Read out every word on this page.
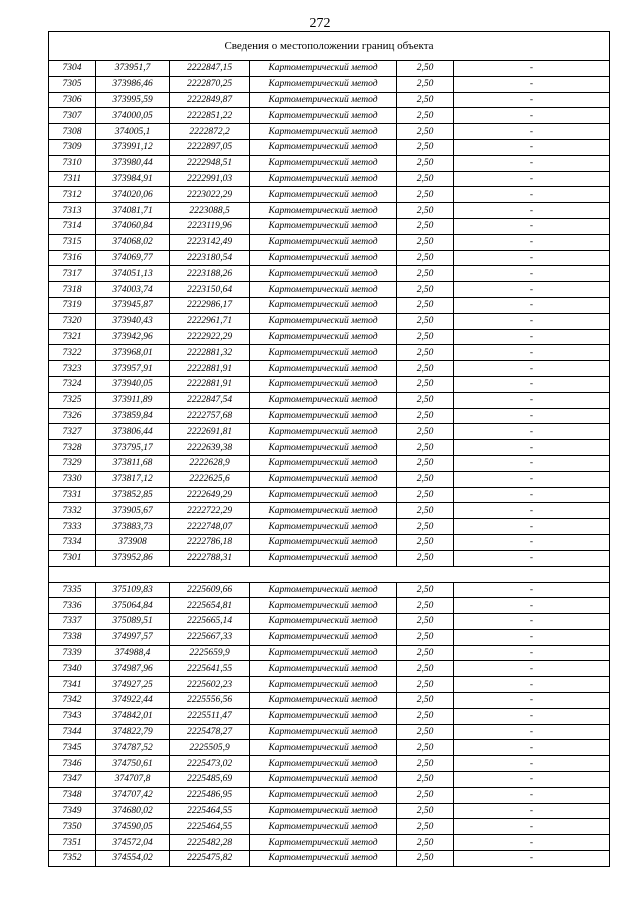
272
Сведения о местоположении границ объекта					
7304	373951,7	2222847,15	Картометрический метод	2,50	-
7305	373986,46	2222870,25	Картометрический метод	2,50	-
7306	373995,59	2222849,87	Картометрический метод	2,50	-
7307	374000,05	2222851,22	Картометрический метод	2,50	-
7308	374005,1	2222872,2	Картометрический метод	2,50	-
7309	373991,12	2222897,05	Картометрический метод	2,50	-
7310	373980,44	2222948,51	Картометрический метод	2,50	-
7311	373984,91	2222991,03	Картометрический метод	2,50	-
7312	374020,06	2223022,29	Картометрический метод	2,50	-
7313	374081,71	2223088,5	Картометрический метод	2,50	-
7314	374060,84	2223119,96	Картометрический метод	2,50	-
7315	374068,02	2223142,49	Картометрический метод	2,50	-
7316	374069,77	2223180,54	Картометрический метод	2,50	-
7317	374051,13	2223188,26	Картометрический метод	2,50	-
7318	374003,74	2223150,64	Картометрический метод	2,50	-
7319	373945,87	2222986,17	Картометрический метод	2,50	-
7320	373940,43	2222961,71	Картометрический метод	2,50	-
7321	373942,96	2222922,29	Картометрический метод	2,50	-
7322	373968,01	2222881,32	Картометрический метод	2,50	-
7323	373957,91	2222881,91	Картометрический метод	2,50	-
7324	373940,05	2222881,91	Картометрический метод	2,50	-
7325	373911,89	2222847,54	Картометрический метод	2,50	-
7326	373859,84	2222757,68	Картометрический метод	2,50	-
7327	373806,44	2222691,81	Картометрический метод	2,50	-
7328	373795,17	2222639,38	Картометрический метод	2,50	-
7329	373811,68	2222628,9	Картометрический метод	2,50	-
7330	373817,12	2222625,6	Картометрический метод	2,50	-
7331	373852,85	2222649,29	Картометрический метод	2,50	-
7332	373905,67	2222722,29	Картометрический метод	2,50	-
7333	373883,73	2222748,07	Картометрический метод	2,50	-
7334	373908	2222786,18	Картометрический метод	2,50	-
7301	373952,86	2222788,31	Картометрический метод	2,50	-

7335	375109,83	2225609,66	Картометрический метод	2,50	-
7336	375064,84	2225654,81	Картометрический метод	2,50	-
7337	375089,51	2225665,14	Картометрический метод	2,50	-
7338	374997,57	2225667,33	Картометрический метод	2,50	-
7339	374988,4	2225659,9	Картометрический метод	2,50	-
7340	374987,96	2225641,55	Картометрический метод	2,50	-
7341	374927,25	2225602,23	Картометрический метод	2,50	-
7342	374922,44	2225556,56	Картометрический метод	2,50	-
7343	374842,01	2225511,47	Картометрический метод	2,50	-
7344	374822,79	2225478,27	Картометрический метод	2,50	-
7345	374787,52	2225505,9	Картометрический метод	2,50	-
7346	374750,61	2225473,02	Картометрический метод	2,50	-
7347	374707,8	2225485,69	Картометрический метод	2,50	-
7348	374707,42	2225486,95	Картометрический метод	2,50	-
7349	374680,02	2225464,55	Картометрический метод	2,50	-
7350	374590,05	2225464,55	Картометрический метод	2,50	-
7351	374572,04	2225482,28	Картометрический метод	2,50	-
7352	374554,02	2225475,82	Картометрический метод	2,50	-
